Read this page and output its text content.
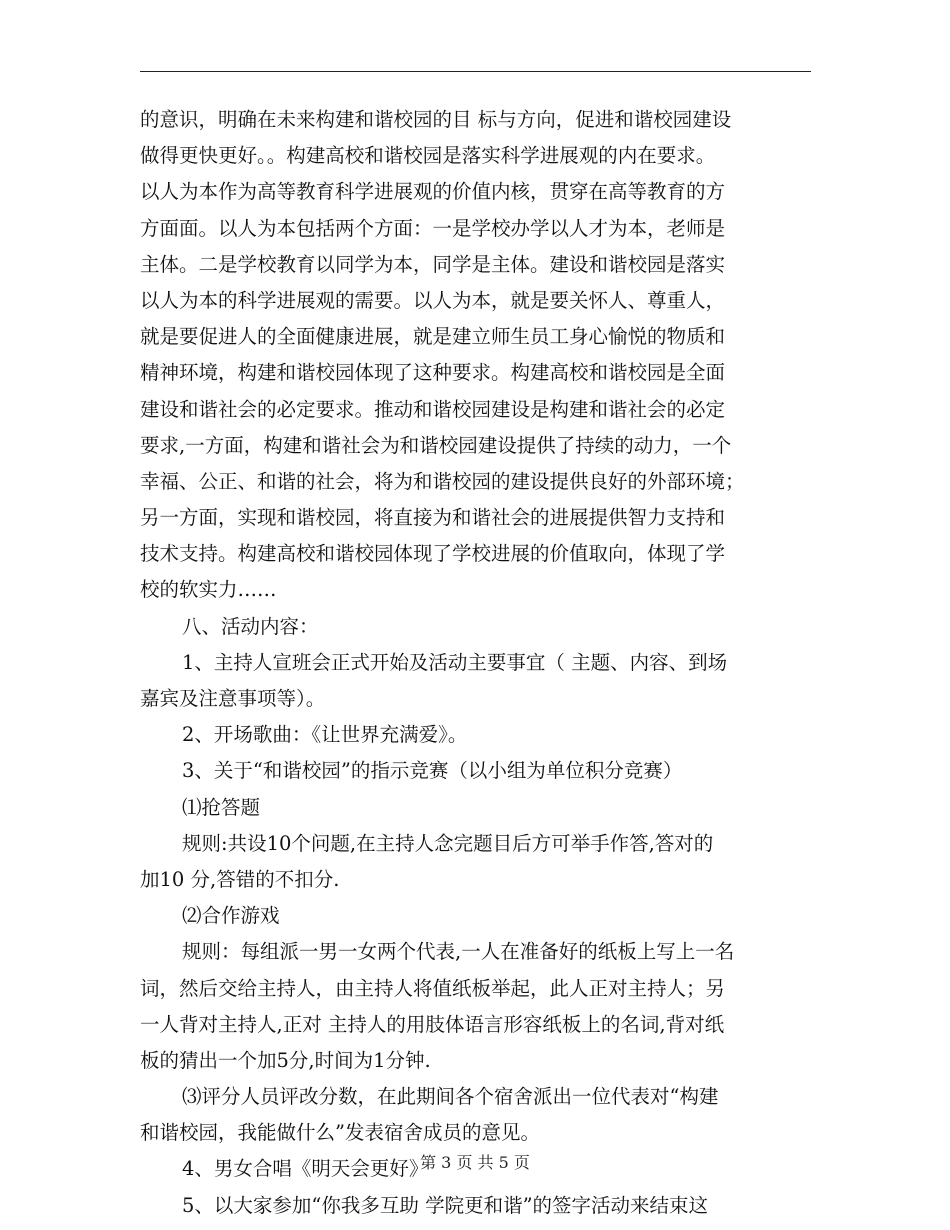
的意识，明确在未来构建和谐校园的目 标与方向，促进和谐校园建设
做得更快更好。。构建高校和谐校园是落实科学进展观的内在要求。
以人为本作为高等教育科学进展观的价值内核，贯穿在高等教育的方
方面面。以人为本包括两个方面：一是学校办学以人才为本，老师是
主体。二是学校教育以同学为本，同学是主体。建设和谐校园是落实
以人为本的科学进展观的需要。以人为本，就是要关怀人、尊重人，
就是要促进人的全面健康进展，就是建立师生员工身心愉悦的物质和
精神环境，构建和谐校园体现了这种要求。构建高校和谐校园是全面
建设和谐社会的必定要求。推动和谐校园建设是构建和谐社会的必定
要求,一方面，构建和谐社会为和谐校园建设提供了持续的动力，一个
幸福、公正、和谐的社会，将为和谐校园的建设提供良好的外部环境；
另一方面，实现和谐校园，将直接为和谐社会的进展提供智力支持和
技术支持。构建高校和谐校园体现了学校进展的价值取向，体现了学
校的软实力……
八、活动内容：
1、主持人宣班会正式开始及活动主要事宜（ 主题、内容、到场
嘉宾及注意事项等）。
2、开场歌曲：《让世界充满爱》。
3、关于“和谐校园”的指示竞赛（以小组为单位积分竞赛）
⑴抢答题
规则:共设10个问题,在主持人念完题目后方可举手作答,答对的
加10 分,答错的不扣分.
⑵合作游戏
规则：每组派一男一女两个代表,一人在准备好的纸板上写上一名
词，然后交给主持人，由主持人将值纸板举起，此人正对主持人；另
一人背对主持人,正对 主持人的用肢体语言形容纸板上的名词,背对纸
板的猜出一个加5分,时间为1分钟.
⑶评分人员评改分数，在此期间各个宿舍派出一位代表对“构建
和谐校园，我能做什么”发表宿舍成员的意见。
4、男女合唱《明天会更好》
5、以大家参加“你我多互助 学院更和谐”的签字活动来结束这
第 3 页 共 5 页
